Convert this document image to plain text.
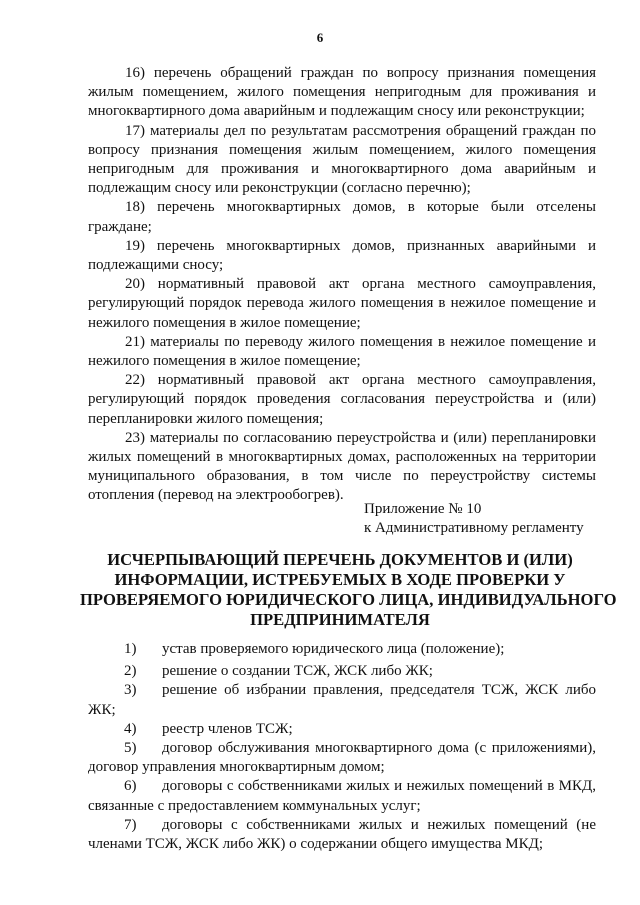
6

16) перечень обращений граждан по вопросу признания помещения жилым помещением, жилого помещения непригодным для проживания и многоквартирного дома аварийным и подлежащим сносу или реконструкции;

17) материалы дел по результатам рассмотрения обращений граждан по вопросу признания помещения жилым помещением, жилого помещения непригодным для проживания и многоквартирного дома аварийным и подлежащим сносу или реконструкции (согласно перечню);

18) перечень многоквартирных домов, в которые были отселены граждане;

19) перечень многоквартирных домов, признанных аварийными и подлежащими сносу;

20) нормативный правовой акт органа местного самоуправления, регулирующий порядок перевода жилого помещения в нежилое помещение и нежилого помещения в жилое помещение;

21) материалы по переводу жилого помещения в нежилое помещение и нежилого помещения в жилое помещение;

22) нормативный правовой акт органа местного самоуправления, регулирующий порядок проведения согласования переустройства и (или) перепланировки жилого помещения;

23) материалы по согласованию переустройства и (или) перепланировки жилых помещений в многоквартирных домах, расположенных на территории муниципального образования, в том числе по переустройству системы отопления (перевод на электрообогрев).

Приложение № 10
к Административному регламенту
ИСЧЕРПЫВАЮЩИЙ ПЕРЕЧЕНЬ ДОКУМЕНТОВ И (ИЛИ)
ИНФОРМАЦИИ, ИСТРЕБУЕМЫХ В ХОДЕ ПРОВЕРКИ У
ПРОВЕРЯЕМОГО ЮРИДИЧЕСКОГО ЛИЦА, ИНДИВИДУАЛЬНОГО
ПРЕДПРИНИМАТЕЛЯ

1) устав проверяемого юридического лица (положение);

2) решение о создании ТСЖ, ЖСК либо ЖК;

3) решение об избрании правления, председателя ТСЖ, ЖСК либо ЖК;

4) реестр членов ТСЖ;

5) договор обслуживания многоквартирного дома (с приложениями), договор управления многоквартирным домом;

6) договоры с собственниками жилых и нежилых помещений в МКД, связанные с предоставлением коммунальных услуг;

7) договоры с собственниками жилых и нежилых помещений (не членами ТСЖ, ЖСК либо ЖК) о содержании общего имущества МКД;
